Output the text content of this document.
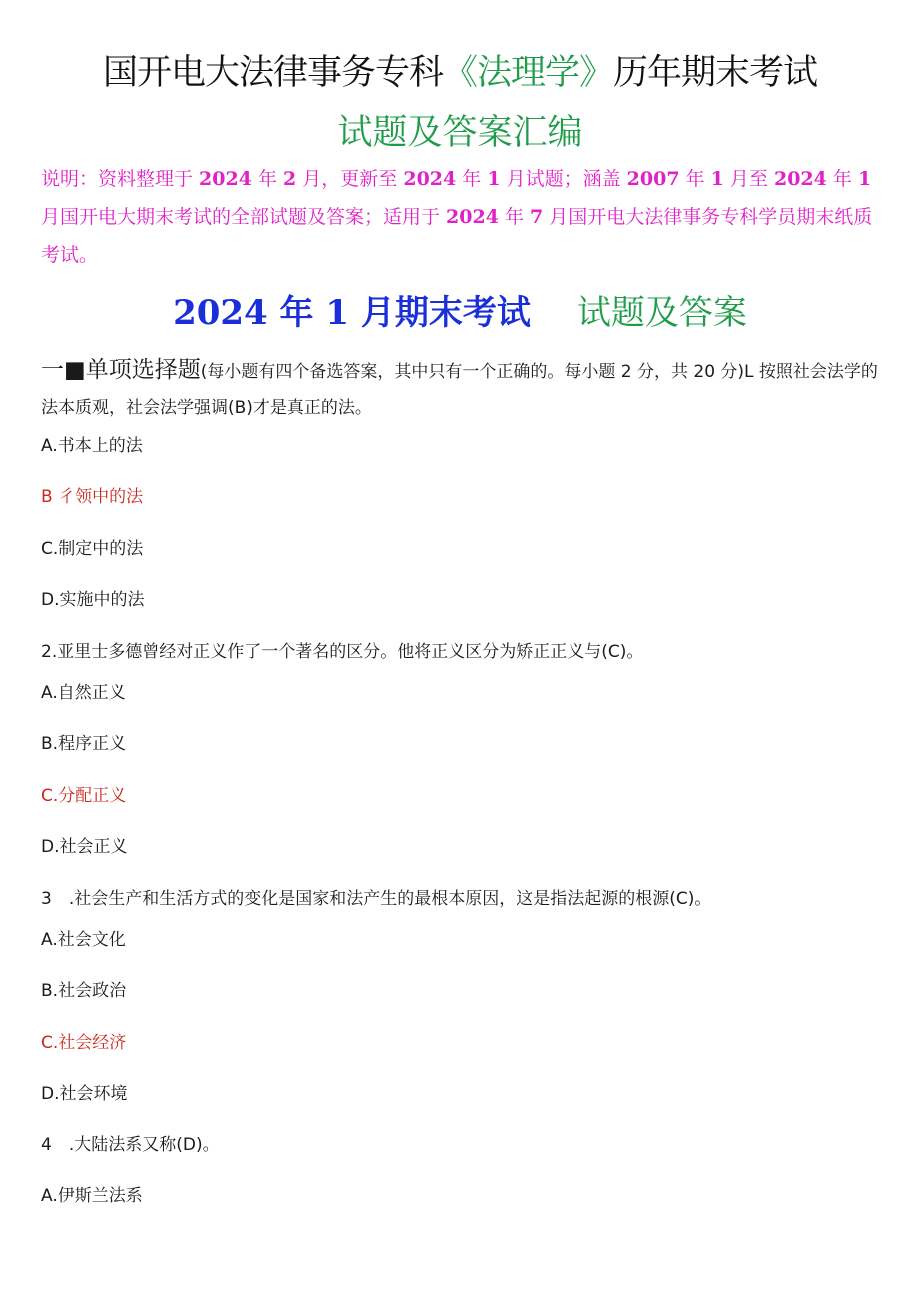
国开电大法律事务专科《法理学》历年期末考试
试题及答案汇编
说明：资料整理于 2024 年 2 月，更新至 2024 年 1 月试题；涵盖 2007 年 1 月至 2024 年 1 月国开电大期末考试的全部试题及答案；适用于 2024 年 7 月国开电大法律事务专科学员期末纸质考试。
2024 年 1 月期末考试 试题及答案
一■单项选择题(每小题有四个备选答案，其中只有一个正确的。每小题 2 分，共 20 分)L 按照社会法学的法本质观，社会法学强调(B)才是真正的法。
A.书本上的法
B 彳领中的法
C.制定中的法
D.实施中的法
2.亚里士多德曾经对正义作了一个著名的区分。他将正义区分为矫正正义与(C)。
A.自然正义
B.程序正义
C.分配正义
D.社会正义
3　.社会生产和生活方式的变化是国家和法产生的最根本原因，这是指法起源的根源(C)。
A.社会文化
B.社会政治
C.社会经济
D.社会环境
4　.大陆法系又称(D)。
A.伊斯兰法系
